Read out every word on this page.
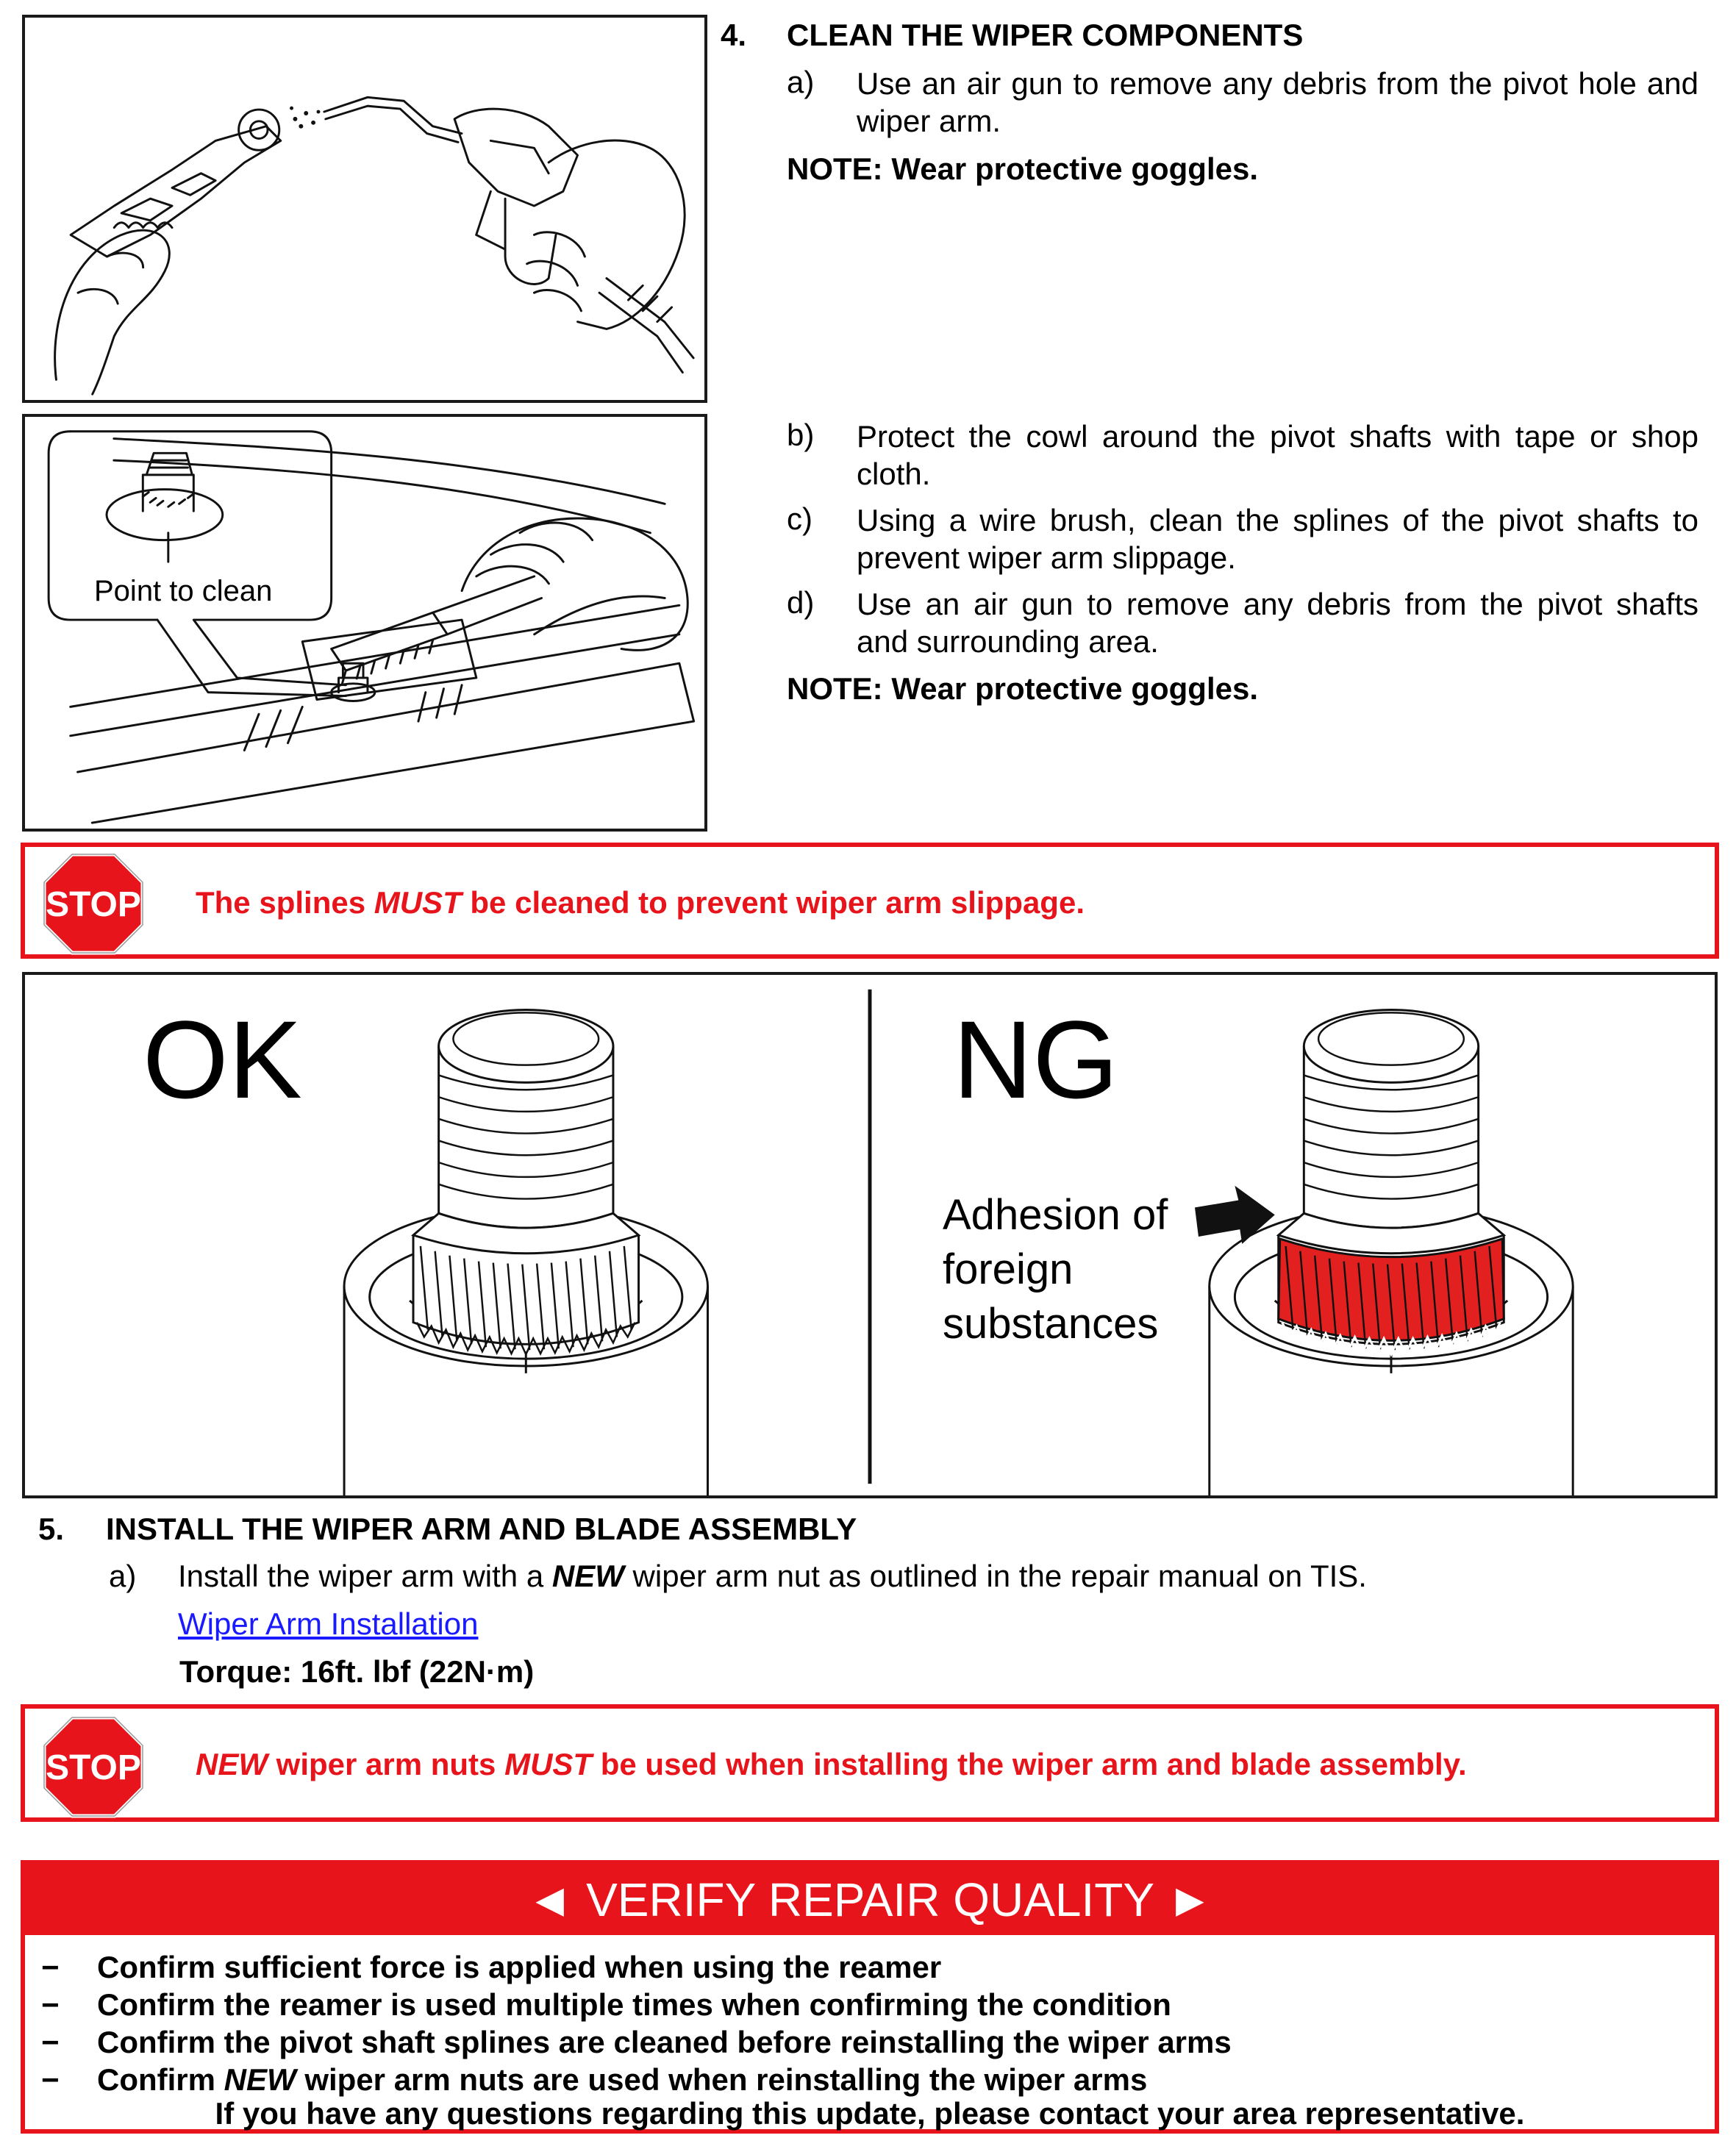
4. CLEAN THE WIPER COMPONENTS
a) Use an air gun to remove any debris from the pivot hole and wiper arm.
NOTE: Wear protective goggles.
Point to clean
b) Protect the cowl around the pivot shafts with tape or shop cloth.
c) Using a wire brush, clean the splines of the pivot shafts to prevent wiper arm slippage.
d) Use an air gun to remove any debris from the pivot shafts and surrounding area.
NOTE: Wear protective goggles.
STOP The splines MUST be cleaned to prevent wiper arm slippage.
OK	NG
Adhesion of
foreign
substances
5. INSTALL THE WIPER ARM AND BLADE ASSEMBLY
a) Install the wiper arm with a NEW wiper arm nut as outlined in the repair manual on TIS.
Wiper Arm Installation
Torque: 16ft. lbf (22N·m)
STOP NEW wiper arm nuts MUST be used when installing the wiper arm and blade assembly.
◄ VERIFY REPAIR QUALITY ►
− Confirm sufficient force is applied when using the reamer
− Confirm the reamer is used multiple times when confirming the condition
− Confirm the pivot shaft splines are cleaned before reinstalling the wiper arms
− Confirm NEW wiper arm nuts are used when reinstalling the wiper arms
If you have any questions regarding this update, please contact your area representative.
